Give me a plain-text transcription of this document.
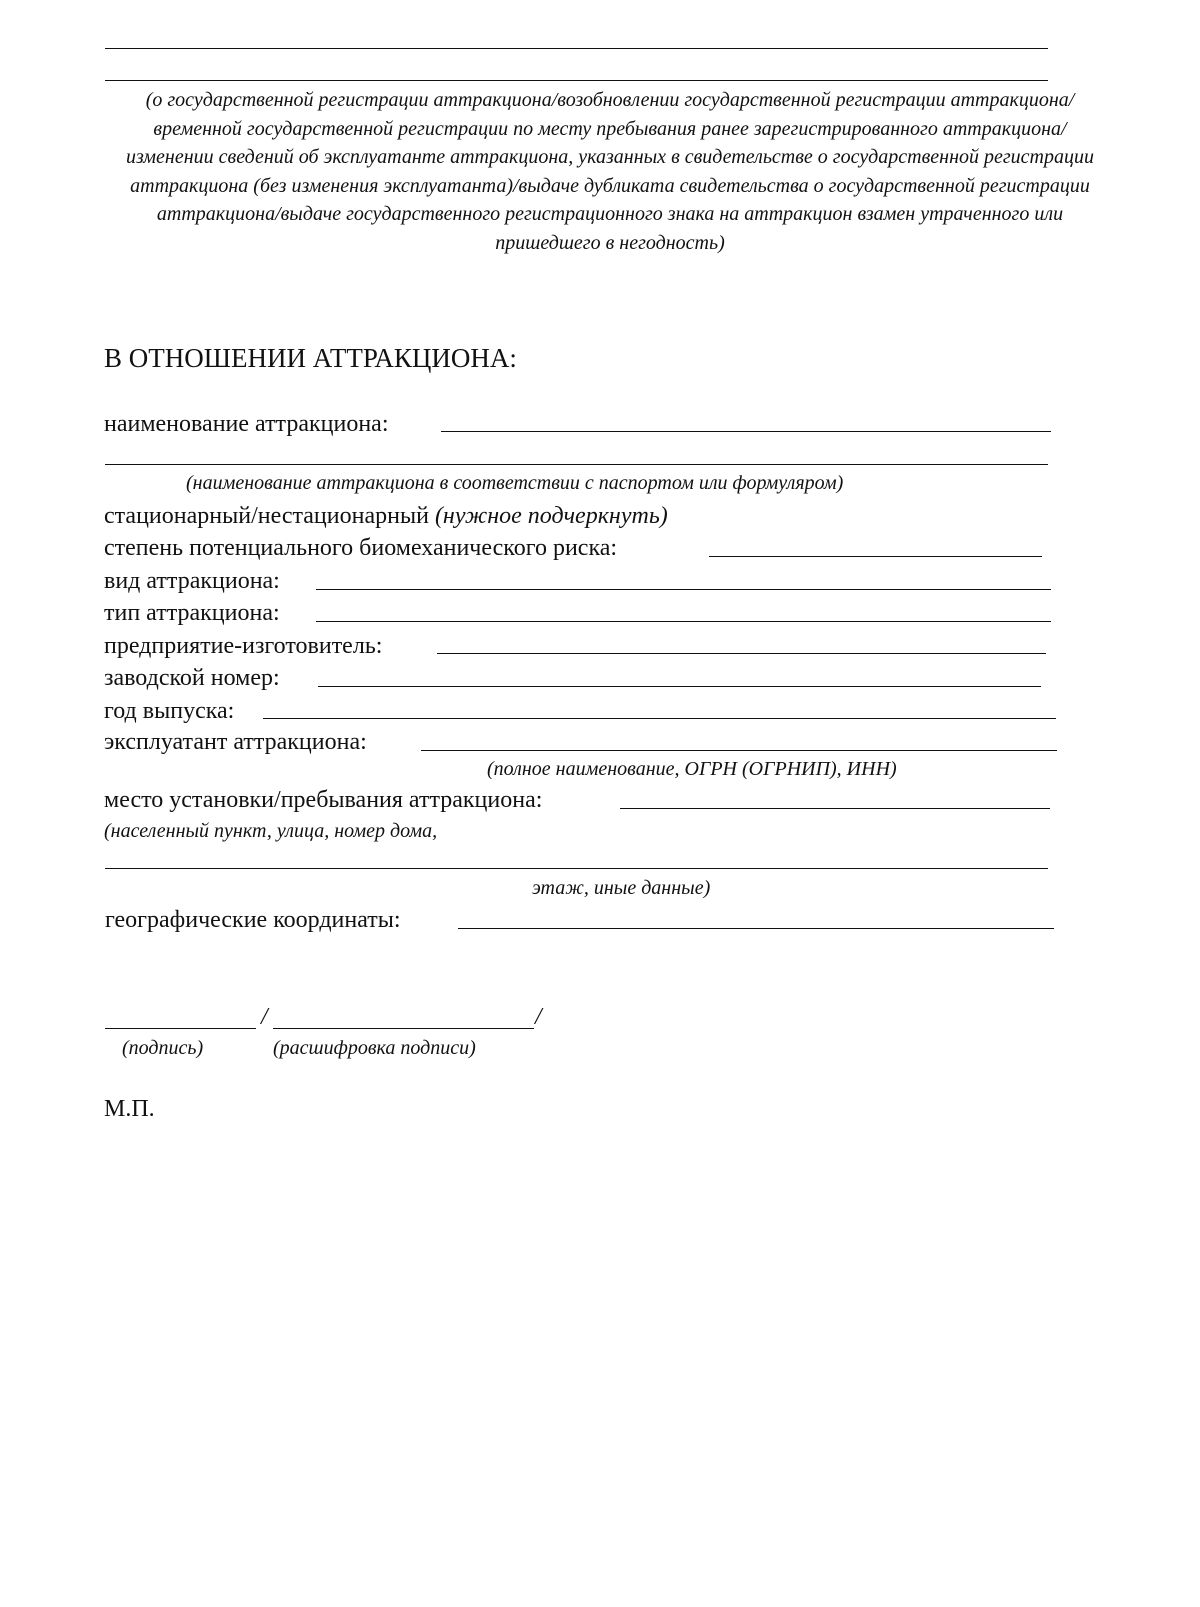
(о государственной регистрации аттракциона/возобновлении государственной регистрации аттракциона/временной государственной регистрации по месту пребывания ранее зарегистрированного аттракциона/изменении сведений об эксплуатанте аттракциона, указанных в свидетельстве о государственной регистрации аттракциона (без изменения эксплуатанта)/выдаче дубликата свидетельства о государственной регистрации аттракциона/выдаче государственного регистрационного знака на аттракцион взамен утраченного или пришедшего в негодность)
В ОТНОШЕНИИ АТТРАКЦИОНА:
наименование аттракциона:
(наименование аттракциона в соответствии с паспортом или формуляром)
стационарный/нестационарный (нужное подчеркнуть)
степень потенциального биомеханического риска:
вид аттракциона:
тип аттракциона:
предприятие-изготовитель:
заводской номер:
год выпуска:
эксплуатант аттракциона:
(полное наименование, ОГРН (ОГРНИП), ИНН)
место установки/пребывания аттракциона:
(населенный пункт, улица, номер дома,
этаж, иные данные)
географические координаты:
/	/
(подпись)	(расшифровка подписи)
М.П.
